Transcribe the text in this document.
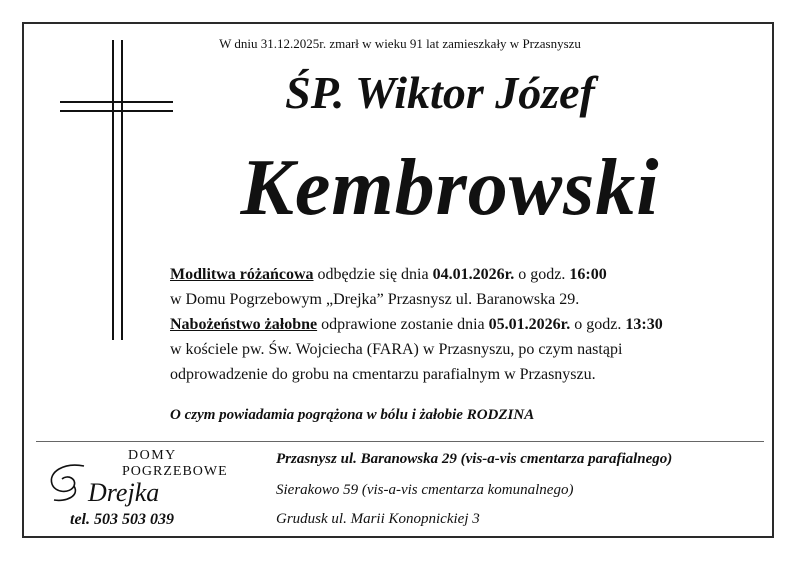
W dniu 31.12.2025r. zmarł w wieku 91 lat zamieszkały w Przasnyszu
ŚP. Wiktor Józef
Kembrowski
Modlitwa różańcowa odbędzie się dnia 04.01.2026r. o godz. 16:00
w Domu Pogrzebowym „Drejka” Przasnysz ul. Baranowska 29.
Nabożeństwo żałobne odprawione zostanie dnia 05.01.2026r. o godz. 13:30
w kościele pw. Św. Wojciecha (FARA) w Przasnyszu, po czym nastąpi
odprowadzenie do grobu na cmentarzu parafialnym w Przasnyszu.
O czym powiadamia pogrążona w bólu i żałobie RODZINA
DOMY
POGRZEBOWE
Drejka
tel. 503 503 039
Przasnysz ul. Baranowska 29 (vis-a-vis cmentarza parafialnego)
Sierakowo 59 (vis-a-vis cmentarza komunalnego)
Grudusk ul. Marii Konopnickiej 3
